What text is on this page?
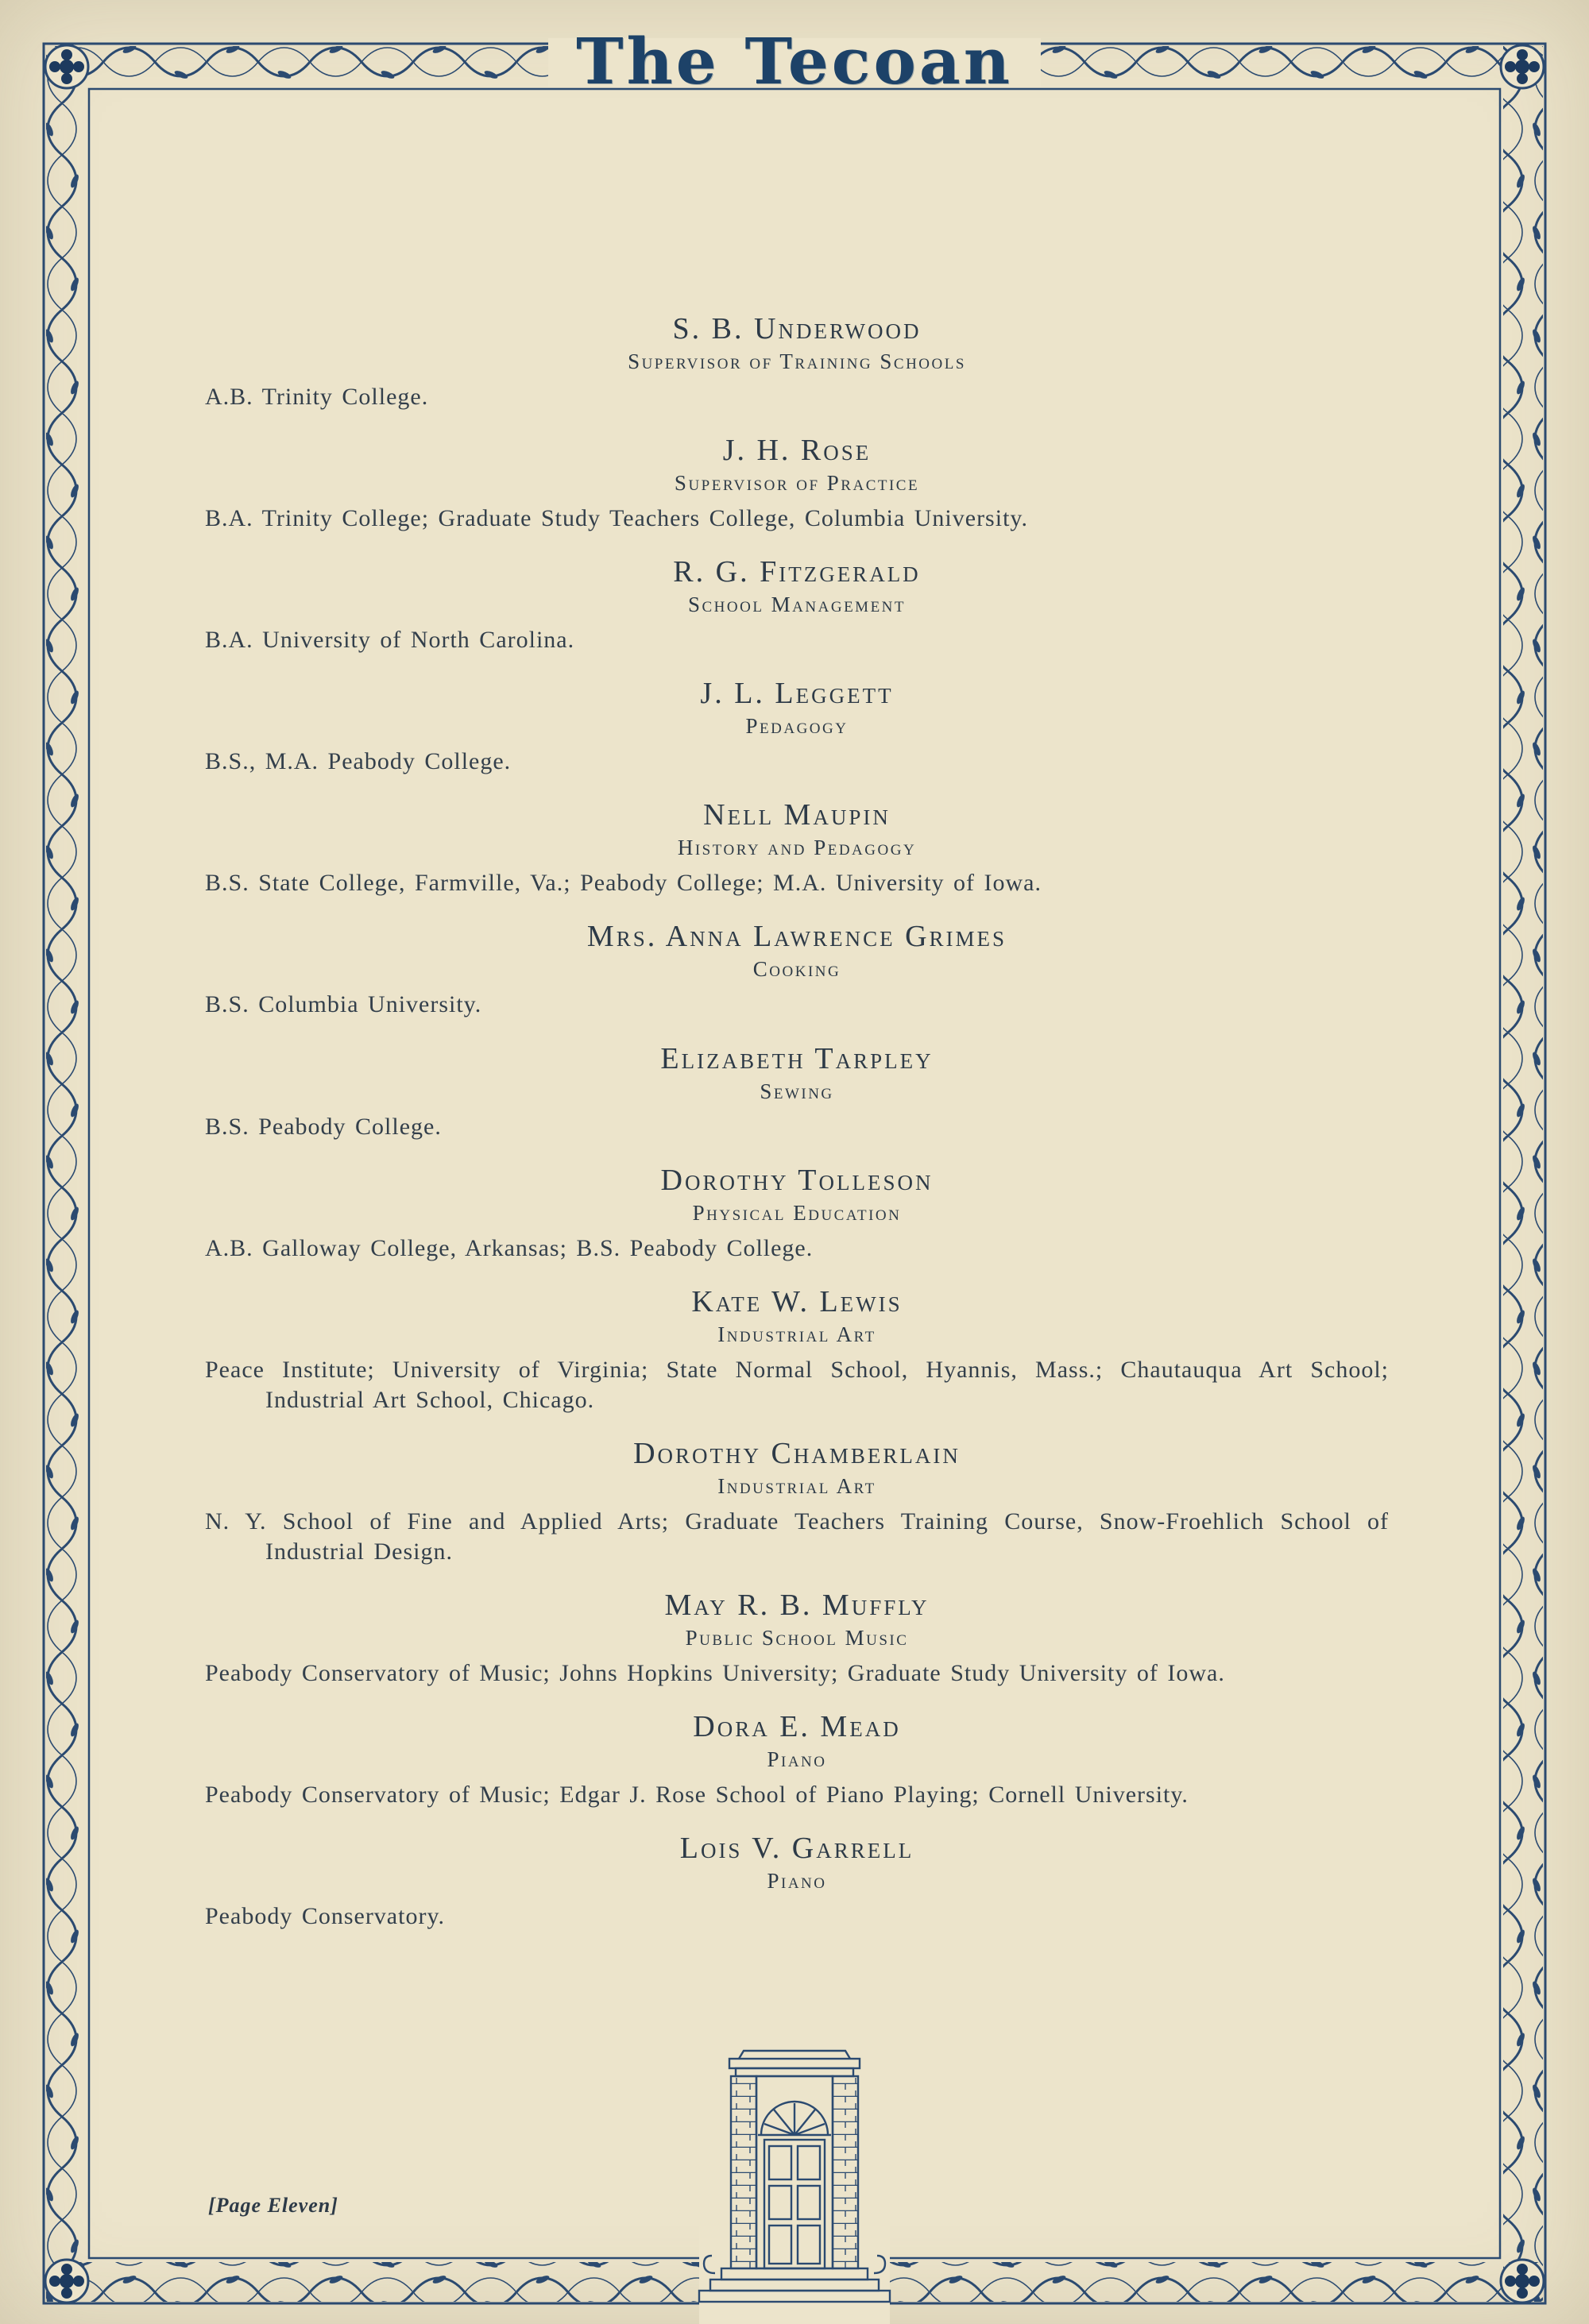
The Tecoan
S. B. Underwood
Supervisor of Training Schools
A.B. Trinity College.
J. H. Rose
Supervisor of Practice
B.A. Trinity College; Graduate Study Teachers College, Columbia University.
R. G. Fitzgerald
School Management
B.A. University of North Carolina.
J. L. Leggett
Pedagogy
B.S., M.A. Peabody College.
Nell Maupin
History and Pedagogy
B.S. State College, Farmville, Va.; Peabody College; M.A. University of Iowa.
Mrs. Anna Lawrence Grimes
Cooking
B.S. Columbia University.
Elizabeth Tarpley
Sewing
B.S. Peabody College.
Dorothy Tolleson
Physical Education
A.B. Galloway College, Arkansas; B.S. Peabody College.
Kate W. Lewis
Industrial Art
Peace Institute; University of Virginia; State Normal School, Hyannis, Mass.; Chautauqua Art School; Industrial Art School, Chicago.
Dorothy Chamberlain
Industrial Art
N. Y. School of Fine and Applied Arts; Graduate Teachers Training Course, Snow-Froehlich School of Industrial Design.
May R. B. Muffly
Public School Music
Peabody Conservatory of Music; Johns Hopkins University; Graduate Study University of Iowa.
Dora E. Mead
Piano
Peabody Conservatory of Music; Edgar J. Rose School of Piano Playing; Cornell University.
Lois V. Garrell
Piano
Peabody Conservatory.
[Page Eleven]
